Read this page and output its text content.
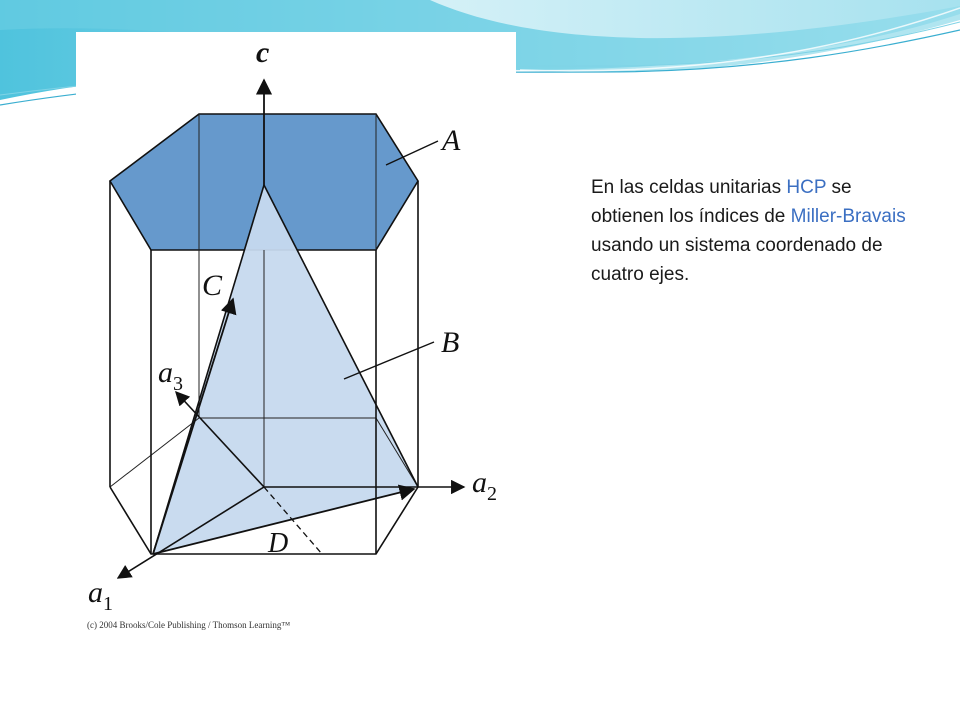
c
A
B
C
D
$a_1$
$a_2$
$a_3$
(c) 2004 Brooks/Cole Publishing / Thomson Learning™
En las celdas unitarias HCP se obtienen los índices de Miller-Bravais usando un sistema coordenado de cuatro ejes.
